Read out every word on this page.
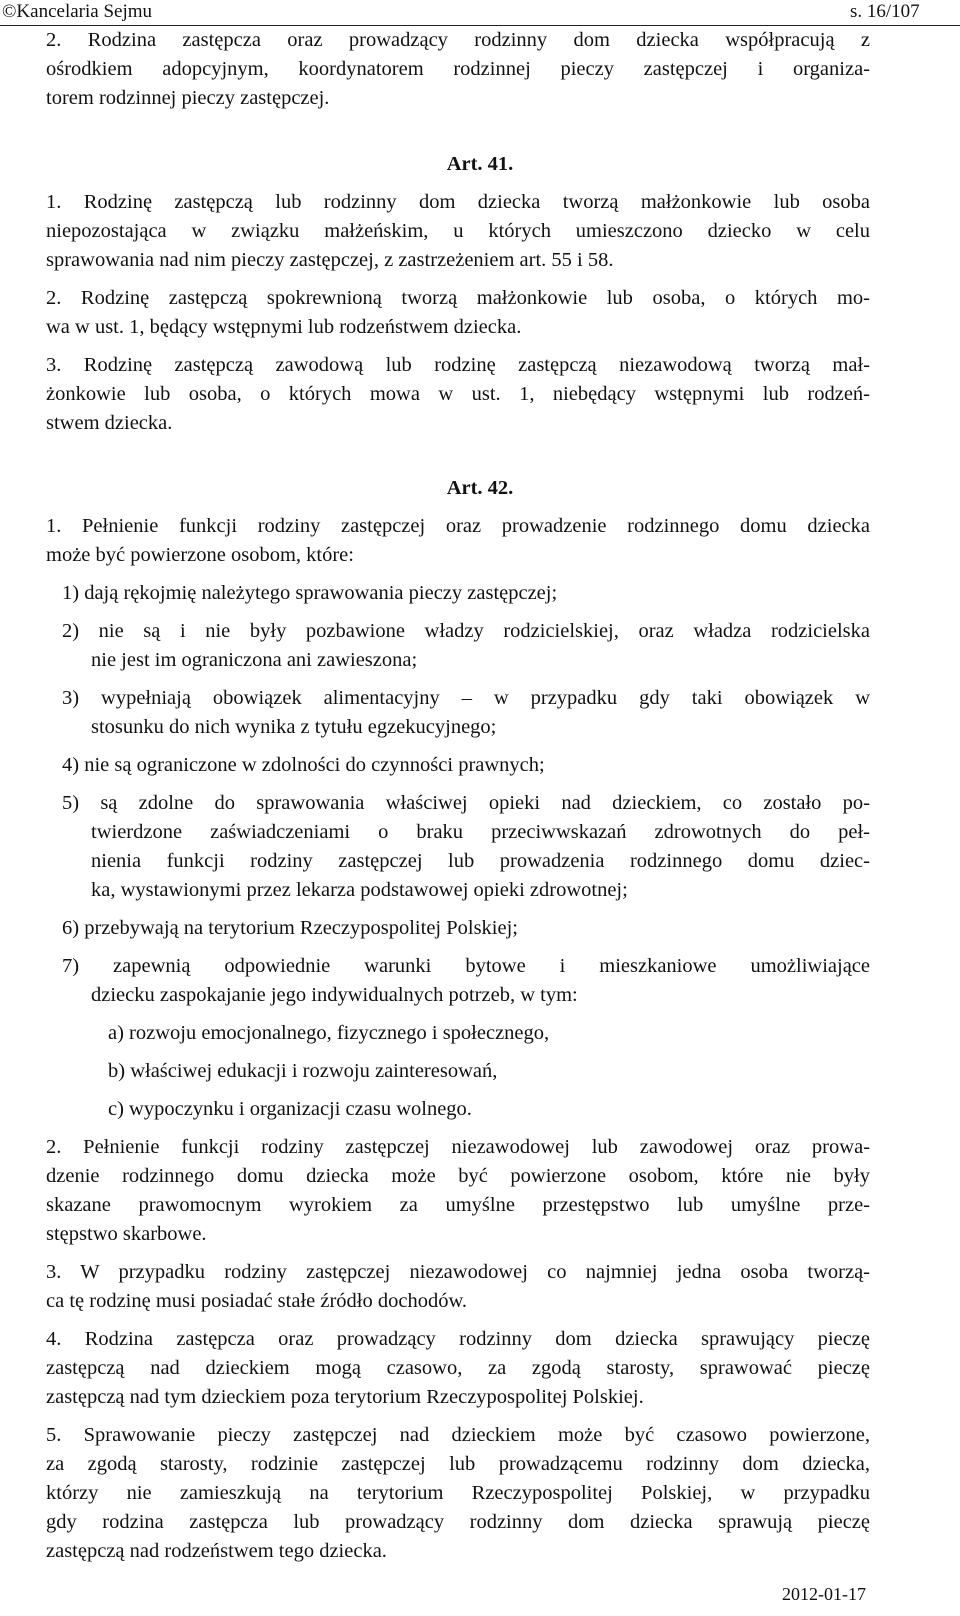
©Kancelaria Sejmu	s. 16/107
2. Rodzina zastępcza oraz prowadzący rodzinny dom dziecka współpracują z
ośrodkiem adopcyjnym, koordynatorem rodzinnej pieczy zastępczej i organiza-
torem rodzinnej pieczy zastępczej.
1. Rodzinę zastępczą lub rodzinny dom dziecka tworzą małżonkowie lub osoba
niepozostająca w związku małżeńskim, u których umieszczono dziecko w celu
sprawowania nad nim pieczy zastępczej, z zastrzeżeniem art. 55 i 58.
2. Rodzinę zastępczą spokrewnioną tworzą małżonkowie lub osoba, o których mo-
wa w ust. 1, będący wstępnymi lub rodzeństwem dziecka.
3. Rodzinę zastępczą zawodową lub rodzinę zastępczą niezawodową tworzą mał-
żonkowie lub osoba, o których mowa w ust. 1, niebędący wstępnymi lub rodzeń-
stwem dziecka.
1. Pełnienie funkcji rodziny zastępczej oraz prowadzenie rodzinnego domu dziecka
może być powierzone osobom, które:
1) dają rękojmię należytego sprawowania pieczy zastępczej;
2) nie są i nie były pozbawione władzy rodzicielskiej, oraz władza rodzicielska
nie jest im ograniczona ani zawieszona;
3) wypełniają obowiązek alimentacyjny – w przypadku gdy taki obowiązek w
stosunku do nich wynika z tytułu egzekucyjnego;
4) nie są ograniczone w zdolności do czynności prawnych;
5) są zdolne do sprawowania właściwej opieki nad dzieckiem, co zostało po-
twierdzone zaświadczeniami o braku przeciwwskazań zdrowotnych do peł-
nienia funkcji rodziny zastępczej lub prowadzenia rodzinnego domu dziec-
ka, wystawionymi przez lekarza podstawowej opieki zdrowotnej;
6) przebywają na terytorium Rzeczypospolitej Polskiej;
7) zapewnią odpowiednie warunki bytowe i mieszkaniowe umożliwiające
dziecku zaspokajanie jego indywidualnych potrzeb, w tym:
a) rozwoju emocjonalnego, fizycznego i społecznego,
b) właściwej edukacji i rozwoju zainteresowań,
c) wypoczynku i organizacji czasu wolnego.
2. Pełnienie funkcji rodziny zastępczej niezawodowej lub zawodowej oraz prowa-
dzenie rodzinnego domu dziecka może być powierzone osobom, które nie były
skazane prawomocnym wyrokiem za umyślne przestępstwo lub umyślne prze-
stępstwo skarbowe.
3. W przypadku rodziny zastępczej niezawodowej co najmniej jedna osoba tworzą-
ca tę rodzinę musi posiadać stałe źródło dochodów.
4. Rodzina zastępcza oraz prowadzący rodzinny dom dziecka sprawujący pieczę
zastępczą nad dzieckiem mogą czasowo, za zgodą starosty, sprawować pieczę
zastępczą nad tym dzieckiem poza terytorium Rzeczypospolitej Polskiej.
5. Sprawowanie pieczy zastępczej nad dzieckiem może być czasowo powierzone,
za zgodą starosty, rodzinie zastępczej lub prowadzącemu rodzinny dom dziecka,
którzy nie zamieszkują na terytorium Rzeczypospolitej Polskiej, w przypadku
gdy rodzina zastępcza lub prowadzący rodzinny dom dziecka sprawują pieczę
zastępczą nad rodzeństwem tego dziecka.
Art. 41.
Art. 42.
2012-01-17
